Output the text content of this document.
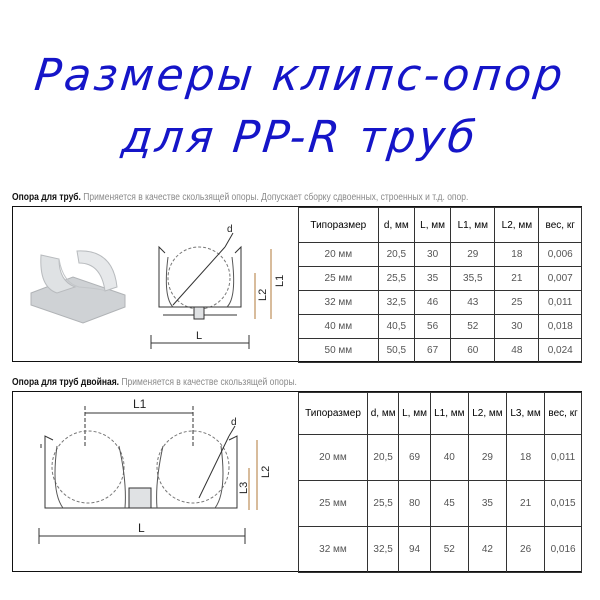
Размеры клипс-опор
для PP-R труб
Опора для труб. Применяется в качестве скользящей опоры. Допускает сборку сдвоенных, строенных и т.д. опор.
d
L
L1
L2
Типоразмер	d, мм	L, мм	L1, мм	L2, мм	вес, кг
20 мм	20,5	30	29	18	0,006
25 мм	25,5	35	35,5	21	0,007
32 мм	32,5	46	43	25	0,011
40 мм	40,5	56	52	30	0,018
50 мм	50,5	67	60	48	0,024
Опора для труб двойная. Применяется в качестве скользящей опоры.
L1
d
L
L2
L3
Типоразмер	d, мм	L, мм	L1, мм	L2, мм	L3, мм	вес, кг
20 мм	20,5	69	40	29	18	0,011
25 мм	25,5	80	45	35	21	0,015
32 мм	32,5	94	52	42	26	0,016
